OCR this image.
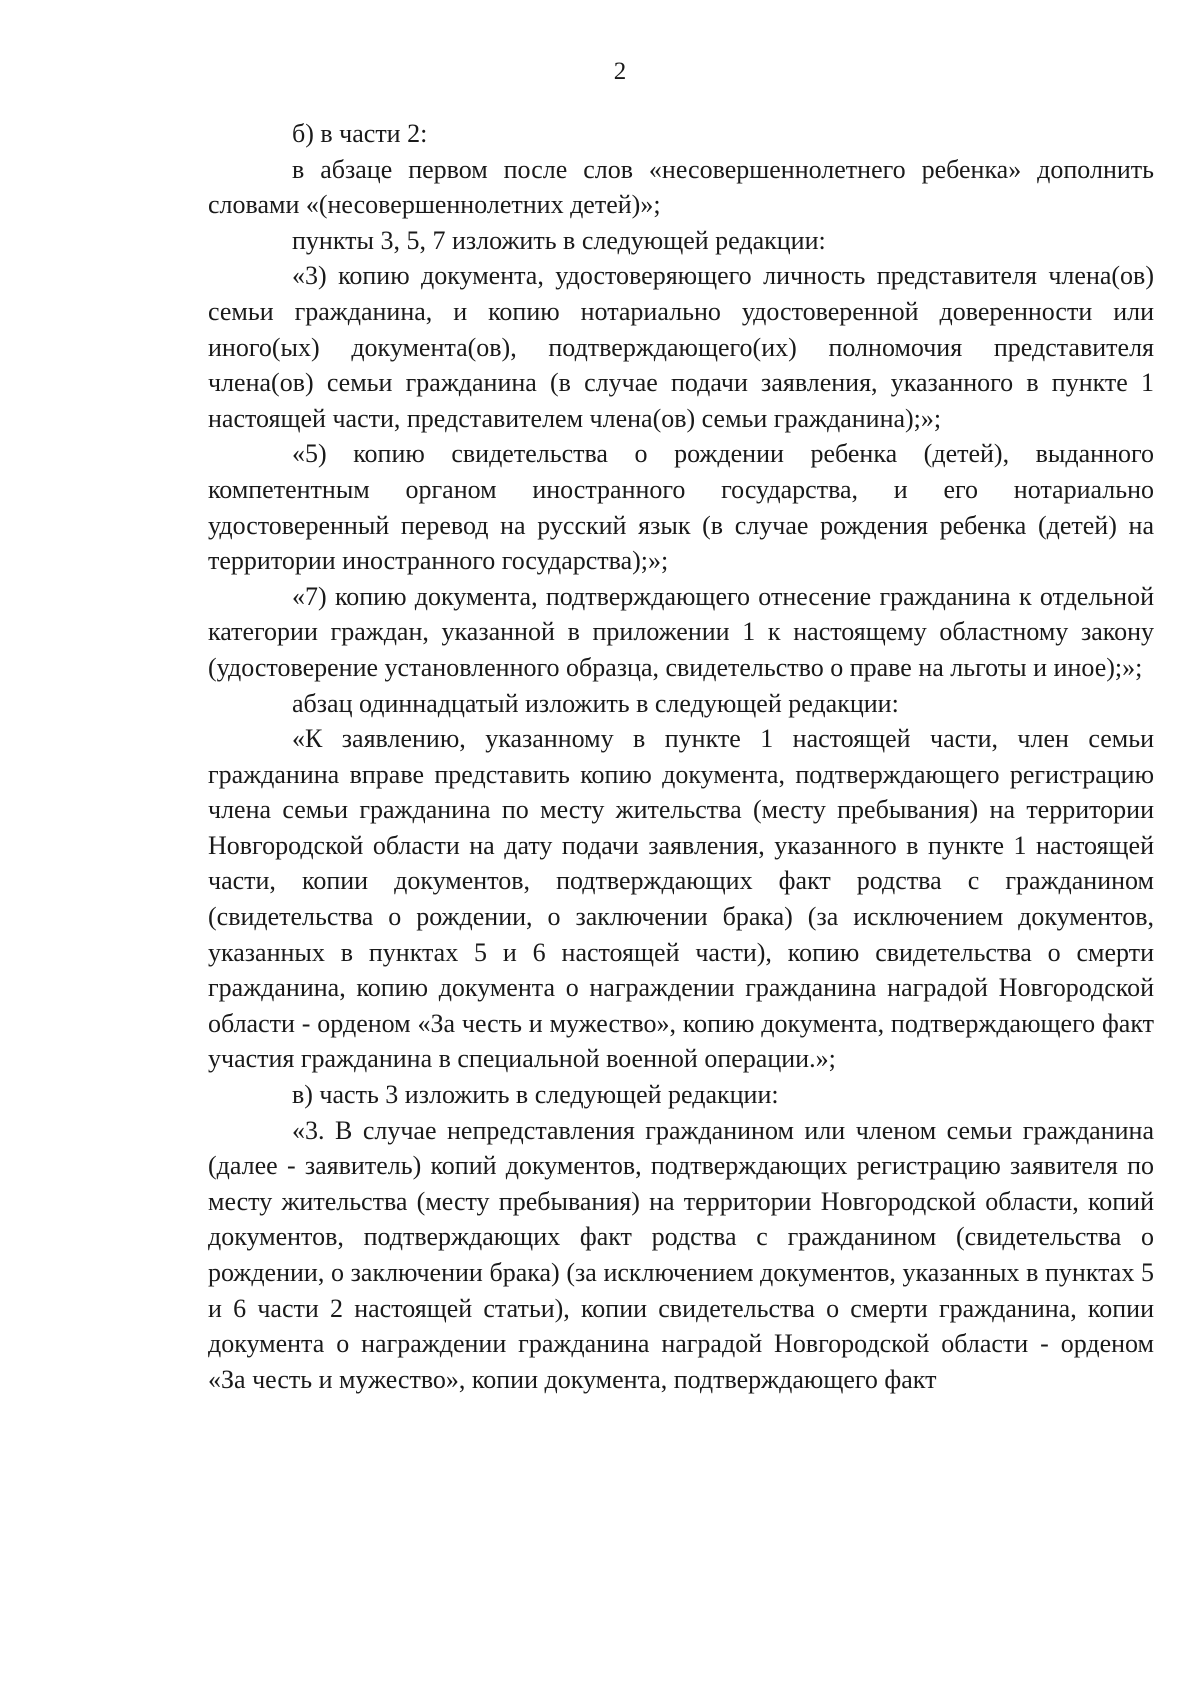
2

б) в части 2:

в абзаце первом после слов «несовершеннолетнего ребенка» дополнить словами «(несовершеннолетних детей)»;

пункты 3, 5, 7 изложить в следующей редакции:

«3) копию документа, удостоверяющего личность представителя члена(ов) семьи гражданина, и копию нотариально удостоверенной доверенности или иного(ых) документа(ов), подтверждающего(их) полномочия представителя члена(ов) семьи гражданина (в случае подачи заявления, указанного в пункте 1 настоящей части, представителем члена(ов) семьи гражданина);»;

«5) копию свидетельства о рождении ребенка (детей), выданного компетентным органом иностранного государства, и его нотариально удостоверенный перевод на русский язык (в случае рождения ребенка (детей) на территории иностранного государства);»;

«7) копию документа, подтверждающего отнесение гражданина к отдельной категории граждан, указанной в приложении 1 к настоящему областному закону (удостоверение установленного образца, свидетельство о праве на льготы и иное);»;

абзац одиннадцатый изложить в следующей редакции:

«К заявлению, указанному в пункте 1 настоящей части, член семьи гражданина вправе представить копию документа, подтверждающего регистрацию члена семьи гражданина по месту жительства (месту пребывания) на территории Новгородской области на дату подачи заявления, указанного в пункте 1 настоящей части, копии документов, подтверждающих факт родства с гражданином (свидетельства о рождении, о заключении брака) (за исключением документов, указанных в пунктах 5 и 6 настоящей части), копию свидетельства о смерти гражданина, копию документа о награждении гражданина наградой Новгородской области - орденом «За честь и мужество», копию документа, подтверждающего факт участия гражданина в специальной военной операции.»;

в) часть 3 изложить в следующей редакции:

«3. В случае непредставления гражданином или членом семьи гражданина (далее - заявитель) копий документов, подтверждающих регистрацию заявителя по месту жительства (месту пребывания) на территории Новгородской области, копий документов, подтверждающих факт родства с гражданином (свидетельства о рождении, о заключении брака) (за исключением документов, указанных в пунктах 5 и 6 части 2 настоящей статьи), копии свидетельства о смерти гражданина, копии документа о награждении гражданина наградой Новгородской области - орденом «За честь и мужество», копии документа, подтверждающего факт
